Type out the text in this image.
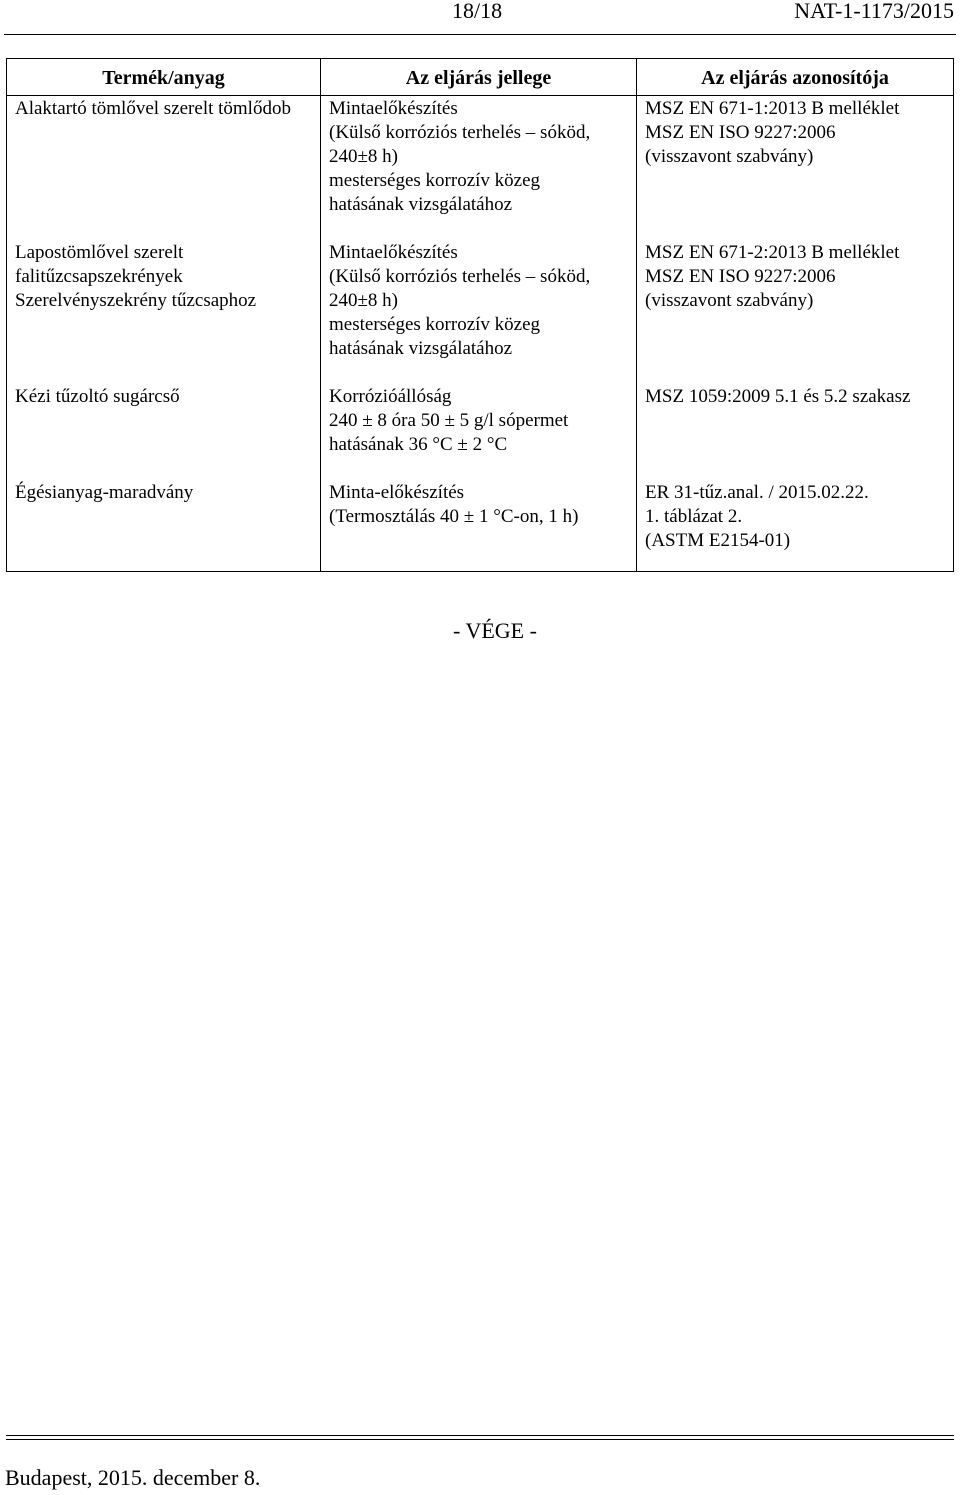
18/18	NAT-1-1173/2015
Termék/anyag	Az eljárás jellege	Az eljárás azonosítója

Alaktartó tömlővel szerelt tömlődob	Mintaelőkészítés
(Külső korróziós terhelés – sóköd,
240±8 h)
mesterséges korrozív közeg
hatásának vizsgálatához	MSZ EN 671-1:2013 B melléklet
MSZ EN ISO 9227:2006
(visszavont szabvány)

Lapostömlővel szerelt
falitűzcsapszekrények
Szerelvényszekrény tűzcsaphoz	Mintaelőkészítés
(Külső korróziós terhelés – sóköd,
240±8 h)
mesterséges korrozív közeg
hatásának vizsgálatához	MSZ EN 671-2:2013 B melléklet
MSZ EN ISO 9227:2006
(visszavont szabvány)

Kézi tűzoltó sugárcső	Korrózióállóság
240 ± 8 óra 50 ± 5 g/l sópermet
hatásának 36 °C ± 2 °C	MSZ 1059:2009 5.1 és 5.2 szakasz

Égésianyag-maradvány	Minta-előkészítés
(Termosztálás 40 ± 1 °C-on, 1 h)	ER 31-tűz.anal. / 2015.02.22.
1. táblázat 2.
(ASTM E2154-01)
- VÉGE -
Budapest, 2015. december 8.
